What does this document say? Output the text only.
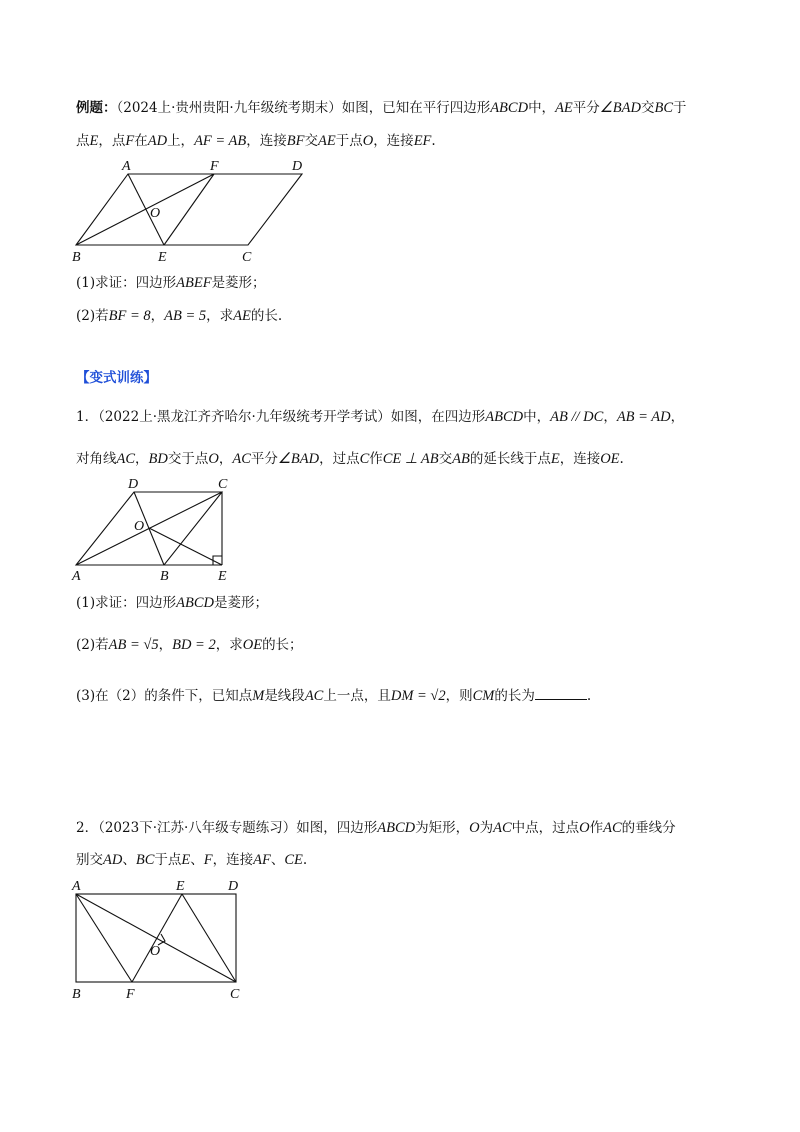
例题：（2024上·贵州贵阳·九年级统考期末）如图，已知在平行四边形ABCD中，AE平分∠BAD交BC于
点E，点F在AD上，AF = AB，连接BF交AE于点O，连接EF.
A	F	D
O
B	E	C
D	C
O
A	B	E
A	E	D
O
B	F	C
(1)求证：四边形ABEF是菱形；
(2)若BF = 8，AB = 5，求AE的长.
【变式训练】
1．（2022上·黑龙江齐齐哈尔·九年级统考开学考试）如图，在四边形ABCD中，AB // DC，AB = AD，
对角线AC，BD交于点O，AC平分∠BAD，过点C作CE ⊥ AB交AB的延长线于点E，连接OE.
(1)求证：四边形ABCD是菱形；
(2)若AB = √5，BD = 2，求OE的长；
(3)在（2）的条件下，已知点M是线段AC上一点，且DM = √2，则CM的长为	.
2．（2023下·江苏·八年级专题练习）如图，四边形ABCD为矩形，O为AC中点，过点O作AC的垂线分
别交AD、BC于点E、F，连接AF、CE.
